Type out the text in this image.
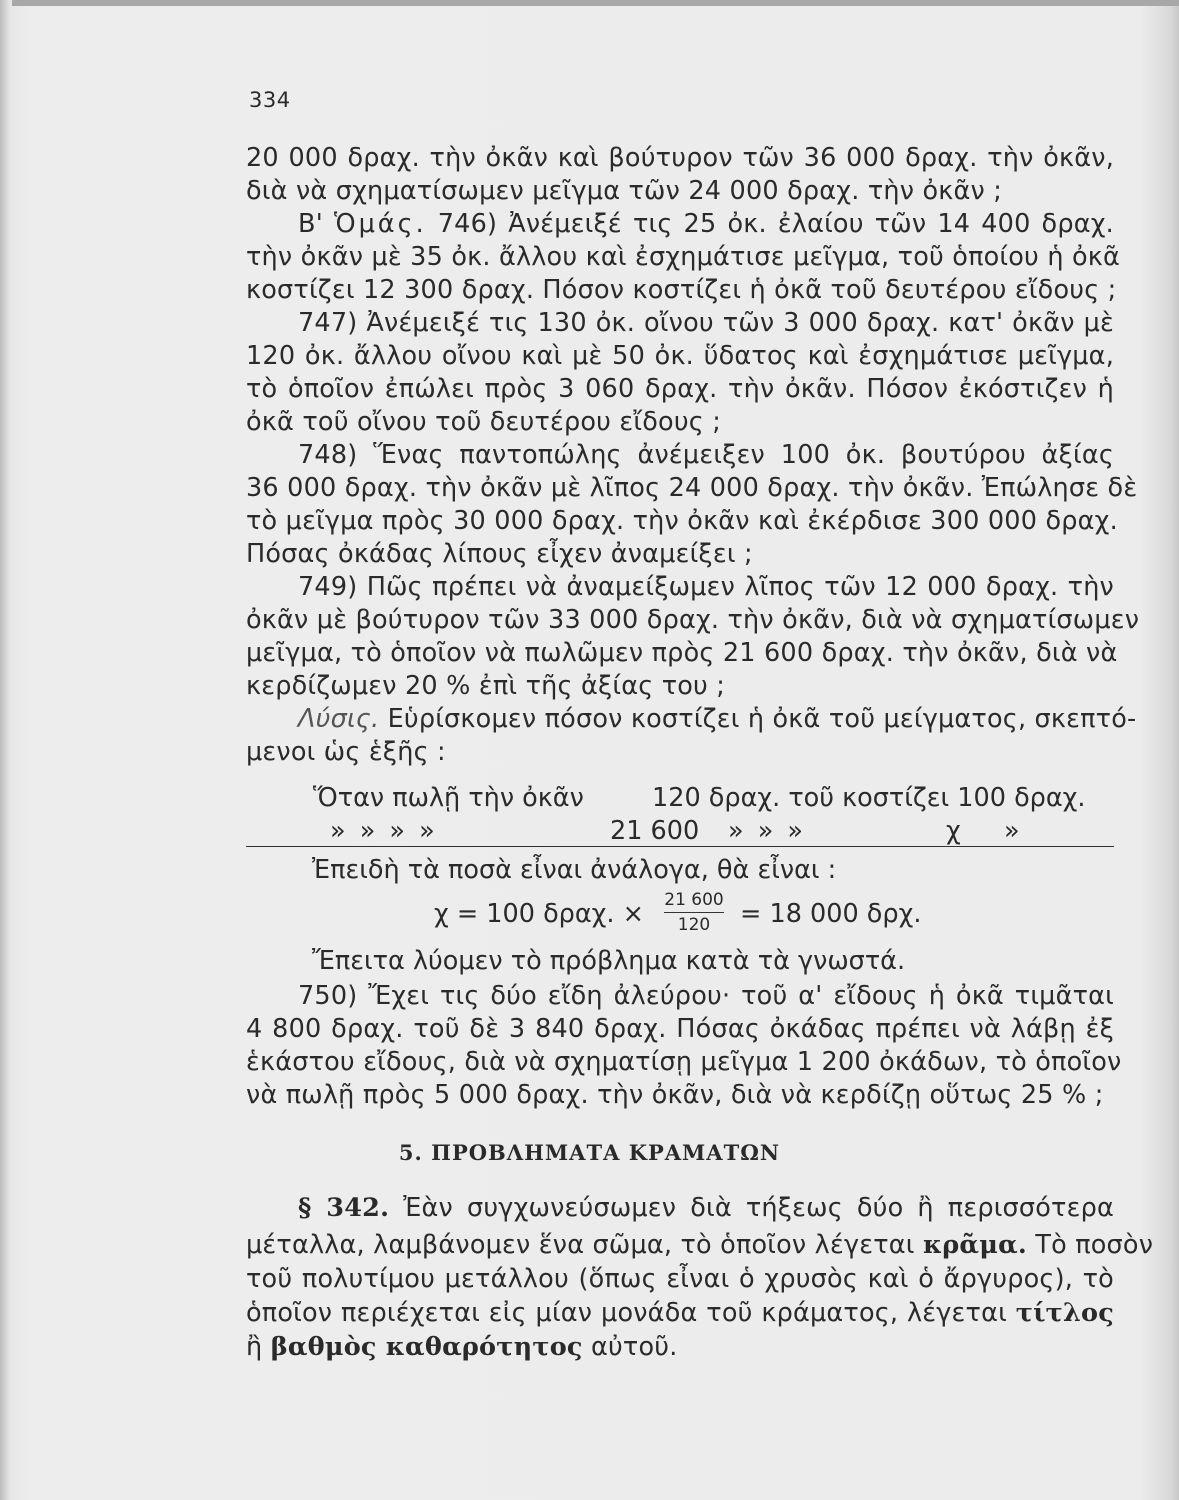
334
20 000 δραχ. τὴν ὀκᾶν καὶ βούτυρον τῶν 36 000 δραχ. τὴν ὀκᾶν,
διὰ νὰ σχηματίσωμεν μεῖγμα τῶν 24 000 δραχ. τὴν ὀκᾶν ;
Β' Ὁμάς. 746) Ἀνέμειξέ τις 25 ὀκ. ἐλαίου τῶν 14 400 δραχ.
τὴν ὀκᾶν μὲ 35 ὀκ. ἄλλου καὶ ἐσχημάτισε μεῖγμα, τοῦ ὁποίου ἡ ὀκᾶ
κοστίζει 12 300 δραχ. Πόσον κοστίζει ἡ ὀκᾶ τοῦ δευτέρου εἴδους ;
747) Ἀνέμειξέ τις 130 ὀκ. οἴνου τῶν 3 000 δραχ. κατ' ὀκᾶν μὲ
120 ὀκ. ἄλλου οἴνου καὶ μὲ 50 ὀκ. ὕδατος καὶ ἐσχημάτισε μεῖγμα,
τὸ ὁποῖον ἐπώλει πρὸς 3 060 δραχ. τὴν ὀκᾶν. Πόσον ἐκόστιζεν ἡ
ὀκᾶ τοῦ οἴνου τοῦ δευτέρου εἴδους ;
748) Ἕνας παντοπώλης ἀνέμειξεν 100 ὀκ. βουτύρου ἀξίας
36 000 δραχ. τὴν ὀκᾶν μὲ λῖπος 24 000 δραχ. τὴν ὀκᾶν. Ἐπώλησε δὲ
τὸ μεῖγμα πρὸς 30 000 δραχ. τὴν ὀκᾶν καὶ ἐκέρδισε 300 000 δραχ.
Πόσας ὀκάδας λίπους εἶχεν ἀναμείξει ;
749) Πῶς πρέπει νὰ ἀναμείξωμεν λῖπος τῶν 12 000 δραχ. τὴν
ὀκᾶν μὲ βούτυρον τῶν 33 000 δραχ. τὴν ὀκᾶν, διὰ νὰ σχηματίσωμεν
μεῖγμα, τὸ ὁποῖον νὰ πωλῶμεν πρὸς 21 600 δραχ. τὴν ὀκᾶν, διὰ νὰ
κερδίζωμεν 20 % ἐπὶ τῆς ἀξίας του ;
Λύσις. Εὑρίσκομεν πόσον κοστίζει ἡ ὀκᾶ τοῦ μείγματος, σκεπτό-
μενοι ὡς ἑξῆς :
Ὅταν πωλῇ τὴν ὀκᾶν	120 δραχ. τοῦ κοστίζει 100 δραχ.
» » » »	21 600 » » »	χ »
Ἐπειδὴ τὰ ποσὰ εἶναι ἀνάλογα, θὰ εἶναι :
χ = 100 δραχ. × 21 600
120	= 18 000 δρχ.
Ἔπειτα λύομεν τὸ πρόβλημα κατὰ τὰ γνωστά.
750) Ἔχει τις δύο εἴδη ἀλεύρου· τοῦ α' εἴδους ἡ ὀκᾶ τιμᾶται
4 800 δραχ. τοῦ δὲ 3 840 δραχ. Πόσας ὀκάδας πρέπει νὰ λάβῃ ἐξ
ἑκάστου εἴδους, διὰ νὰ σχηματίσῃ μεῖγμα 1 200 ὀκάδων, τὸ ὁποῖον
νὰ πωλῇ πρὸς 5 000 δραχ. τὴν ὀκᾶν, διὰ νὰ κερδίζῃ οὕτως 25 % ;
5. ΠΡΟΒΛΗΜΑΤΑ ΚΡΑΜΑΤΩΝ
§ 342. Ἐὰν συγχωνεύσωμεν διὰ τήξεως δύο ἢ περισσότερα
μέταλλα, λαμβάνομεν ἕνα σῶμα, τὸ ὁποῖον λέγεται κρᾶμα. Τὸ ποσὸν
τοῦ πολυτίμου μετάλλου (ὅπως εἶναι ὁ χρυσὸς καὶ ὁ ἄργυρος), τὸ
ὁποῖον περιέχεται εἰς μίαν μονάδα τοῦ κράματος, λέγεται τίτλος
ἢ βαθμὸς καθαρότητος αὐτοῦ.
